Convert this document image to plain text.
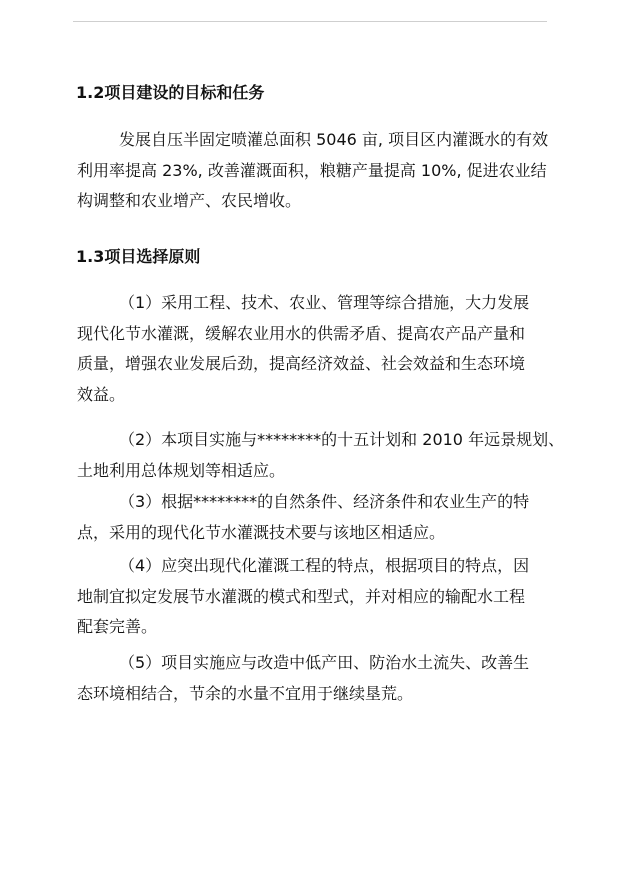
1.2项目建设的目标和任务
发展自压半固定喷灌总面积 5046 亩, 项目区内灌溉水的有效
利用率提高 23%, 改善灌溉面积，粮糖产量提高 10%, 促进农业结
构调整和农业增产、农民增收。
1.3项目选择原则
（1）采用工程、技术、农业、管理等综合措施，大力发展
现代化节水灌溉，缓解农业用水的供需矛盾、提高农产品产量和
质量，增强农业发展后劲，提高经济效益、社会效益和生态环境
效益。
（2）本项目实施与********的十五计划和 2010 年远景规划、
土地利用总体规划等相适应。
（3）根据********的自然条件、经济条件和农业生产的特
点，采用的现代化节水灌溉技术要与该地区相适应。
（4）应突出现代化灌溉工程的特点，根据项目的特点，因
地制宜拟定发展节水灌溉的模式和型式，并对相应的输配水工程
配套完善。
（5）项目实施应与改造中低产田、防治水土流失、改善生
态环境相结合，节余的水量不宜用于继续垦荒。
